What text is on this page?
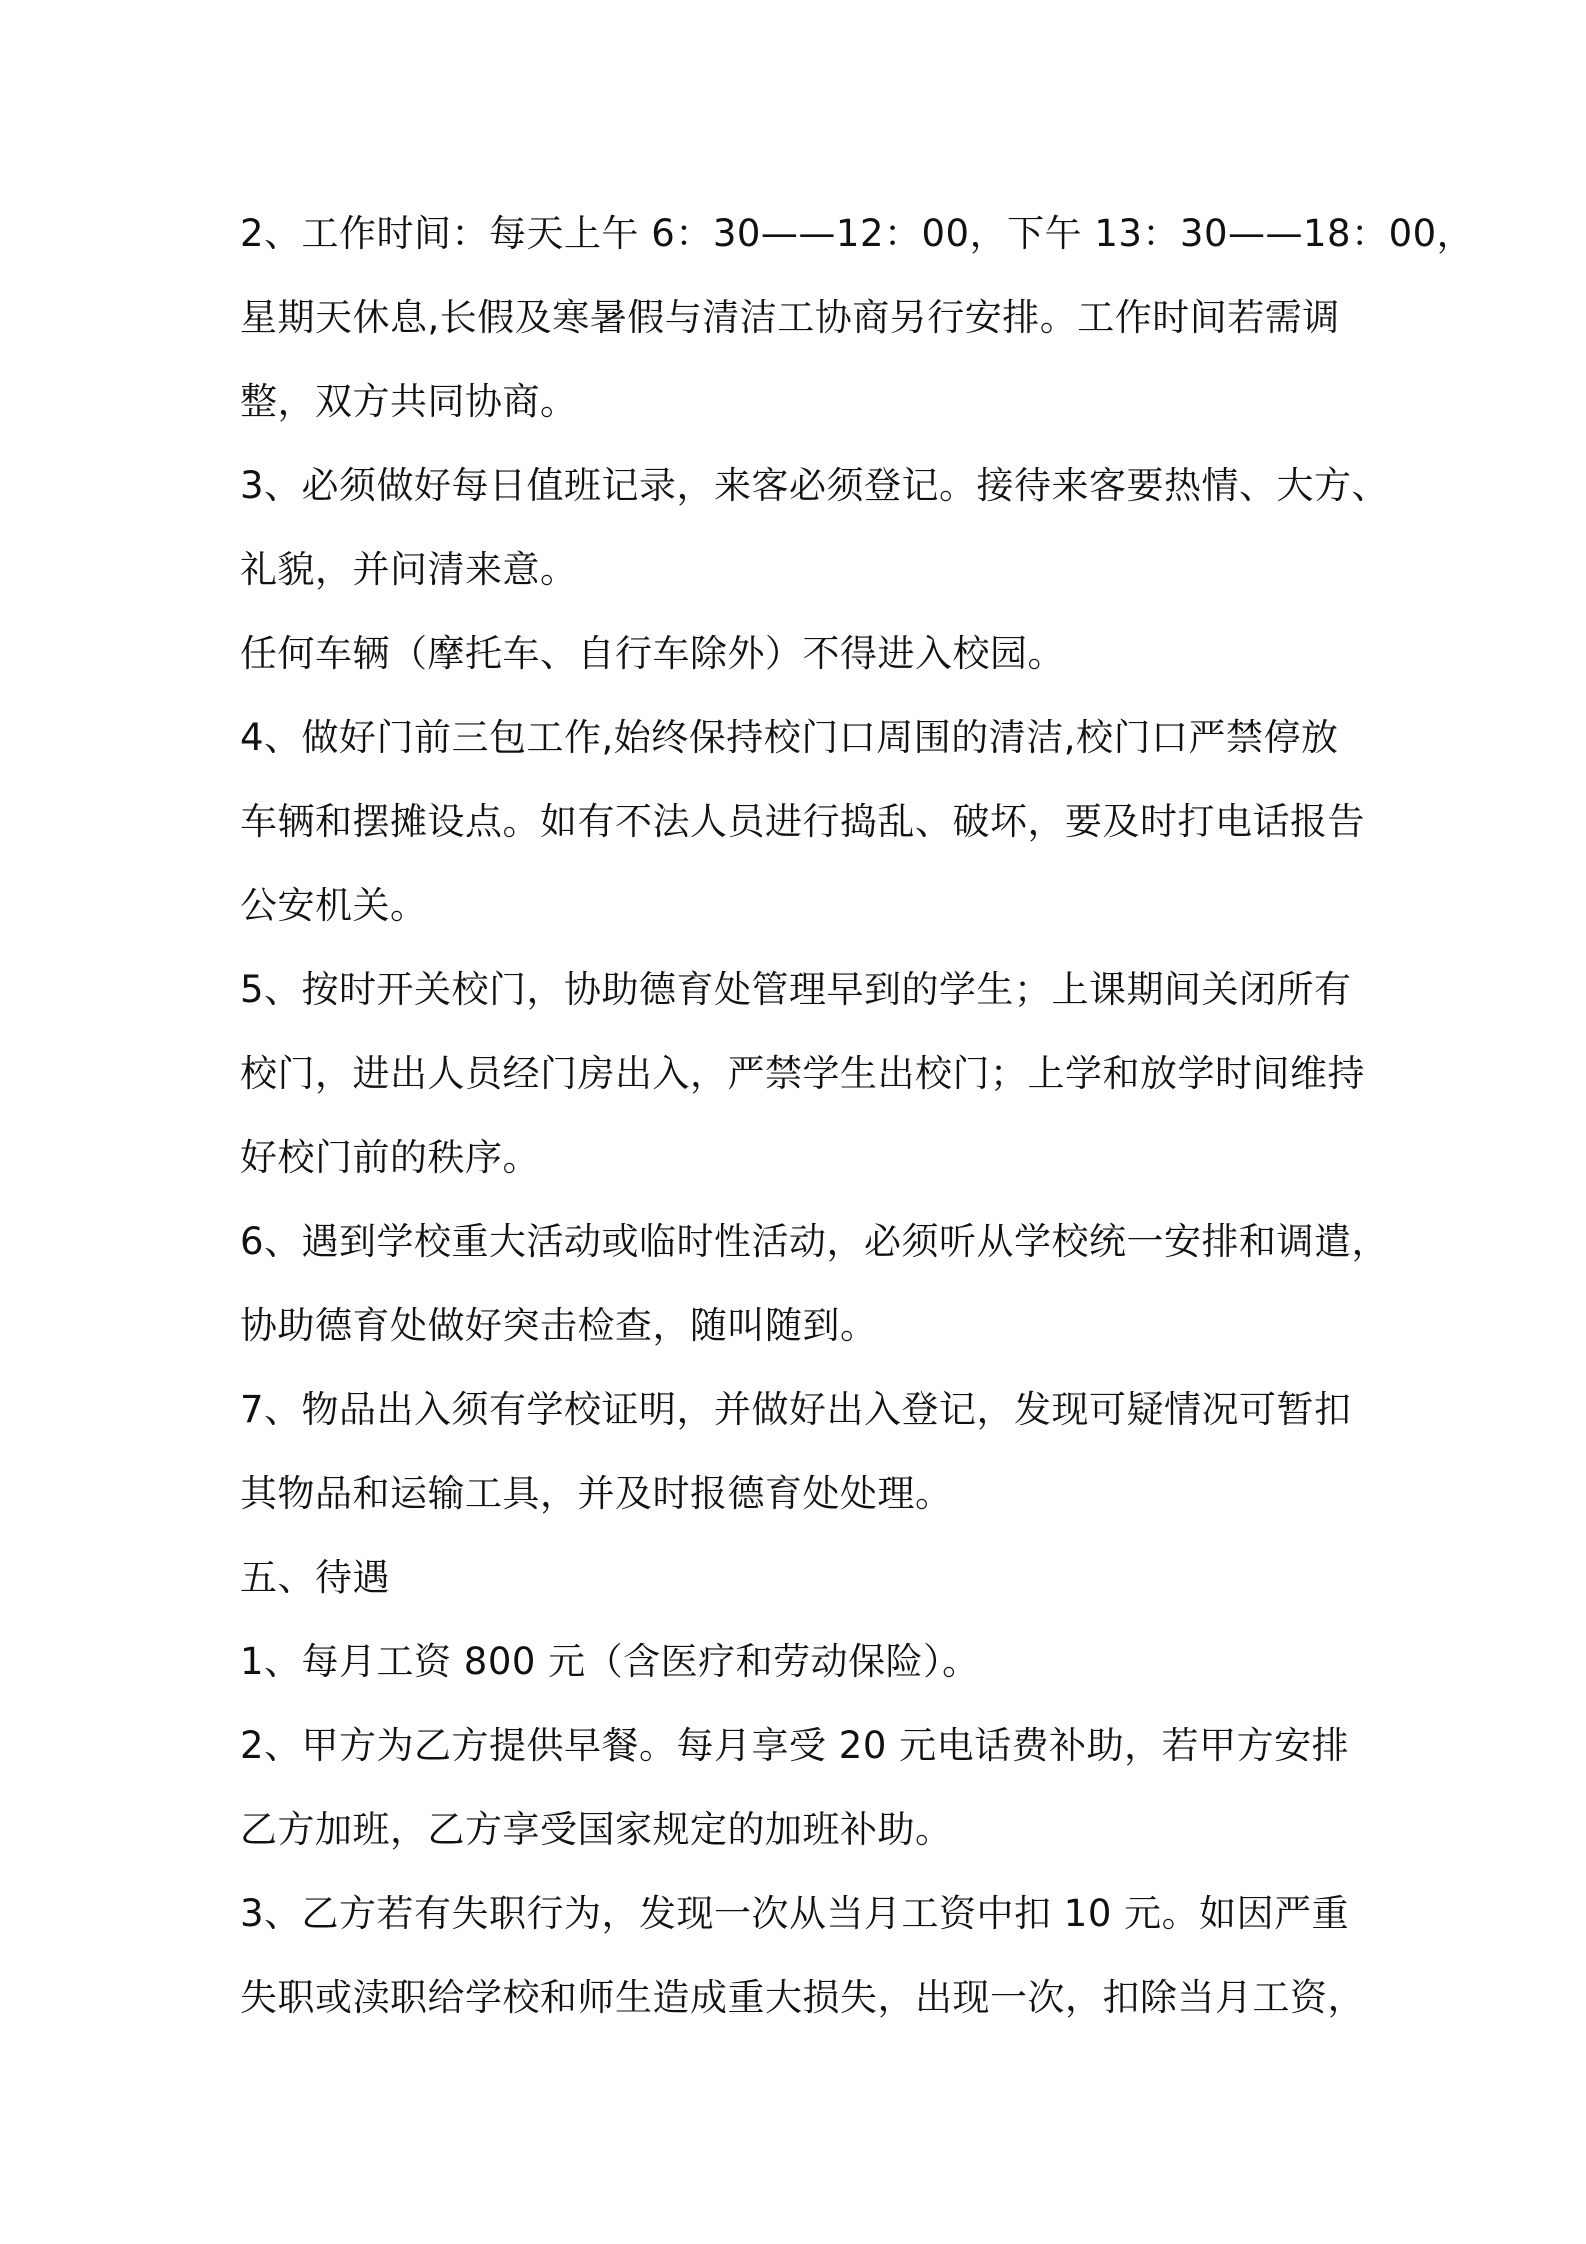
2、工作时间：每天上午 6：30——12：00，下午 13：30——18：00，
星期天休息,长假及寒暑假与清洁工协商另行安排。工作时间若需调
整，双方共同协商。
3、必须做好每日值班记录，来客必须登记。接待来客要热情、大方、
礼貌，并问清来意。
任何车辆（摩托车、自行车除外）不得进入校园。
4、做好门前三包工作,始终保持校门口周围的清洁,校门口严禁停放
车辆和摆摊设点。如有不法人员进行捣乱、破坏，要及时打电话报告
公安机关。
5、按时开关校门，协助德育处管理早到的学生；上课期间关闭所有
校门，进出人员经门房出入，严禁学生出校门；上学和放学时间维持
好校门前的秩序。
6、遇到学校重大活动或临时性活动，必须听从学校统一安排和调遣，
协助德育处做好突击检查，随叫随到。
7、物品出入须有学校证明，并做好出入登记，发现可疑情况可暂扣
其物品和运输工具，并及时报德育处处理。
五、待遇
1、每月工资 800 元（含医疗和劳动保险）。
2、甲方为乙方提供早餐。每月享受 20 元电话费补助，若甲方安排
乙方加班，乙方享受国家规定的加班补助。
3、乙方若有失职行为，发现一次从当月工资中扣 10 元。如因严重
失职或渎职给学校和师生造成重大损失，出现一次，扣除当月工资，
